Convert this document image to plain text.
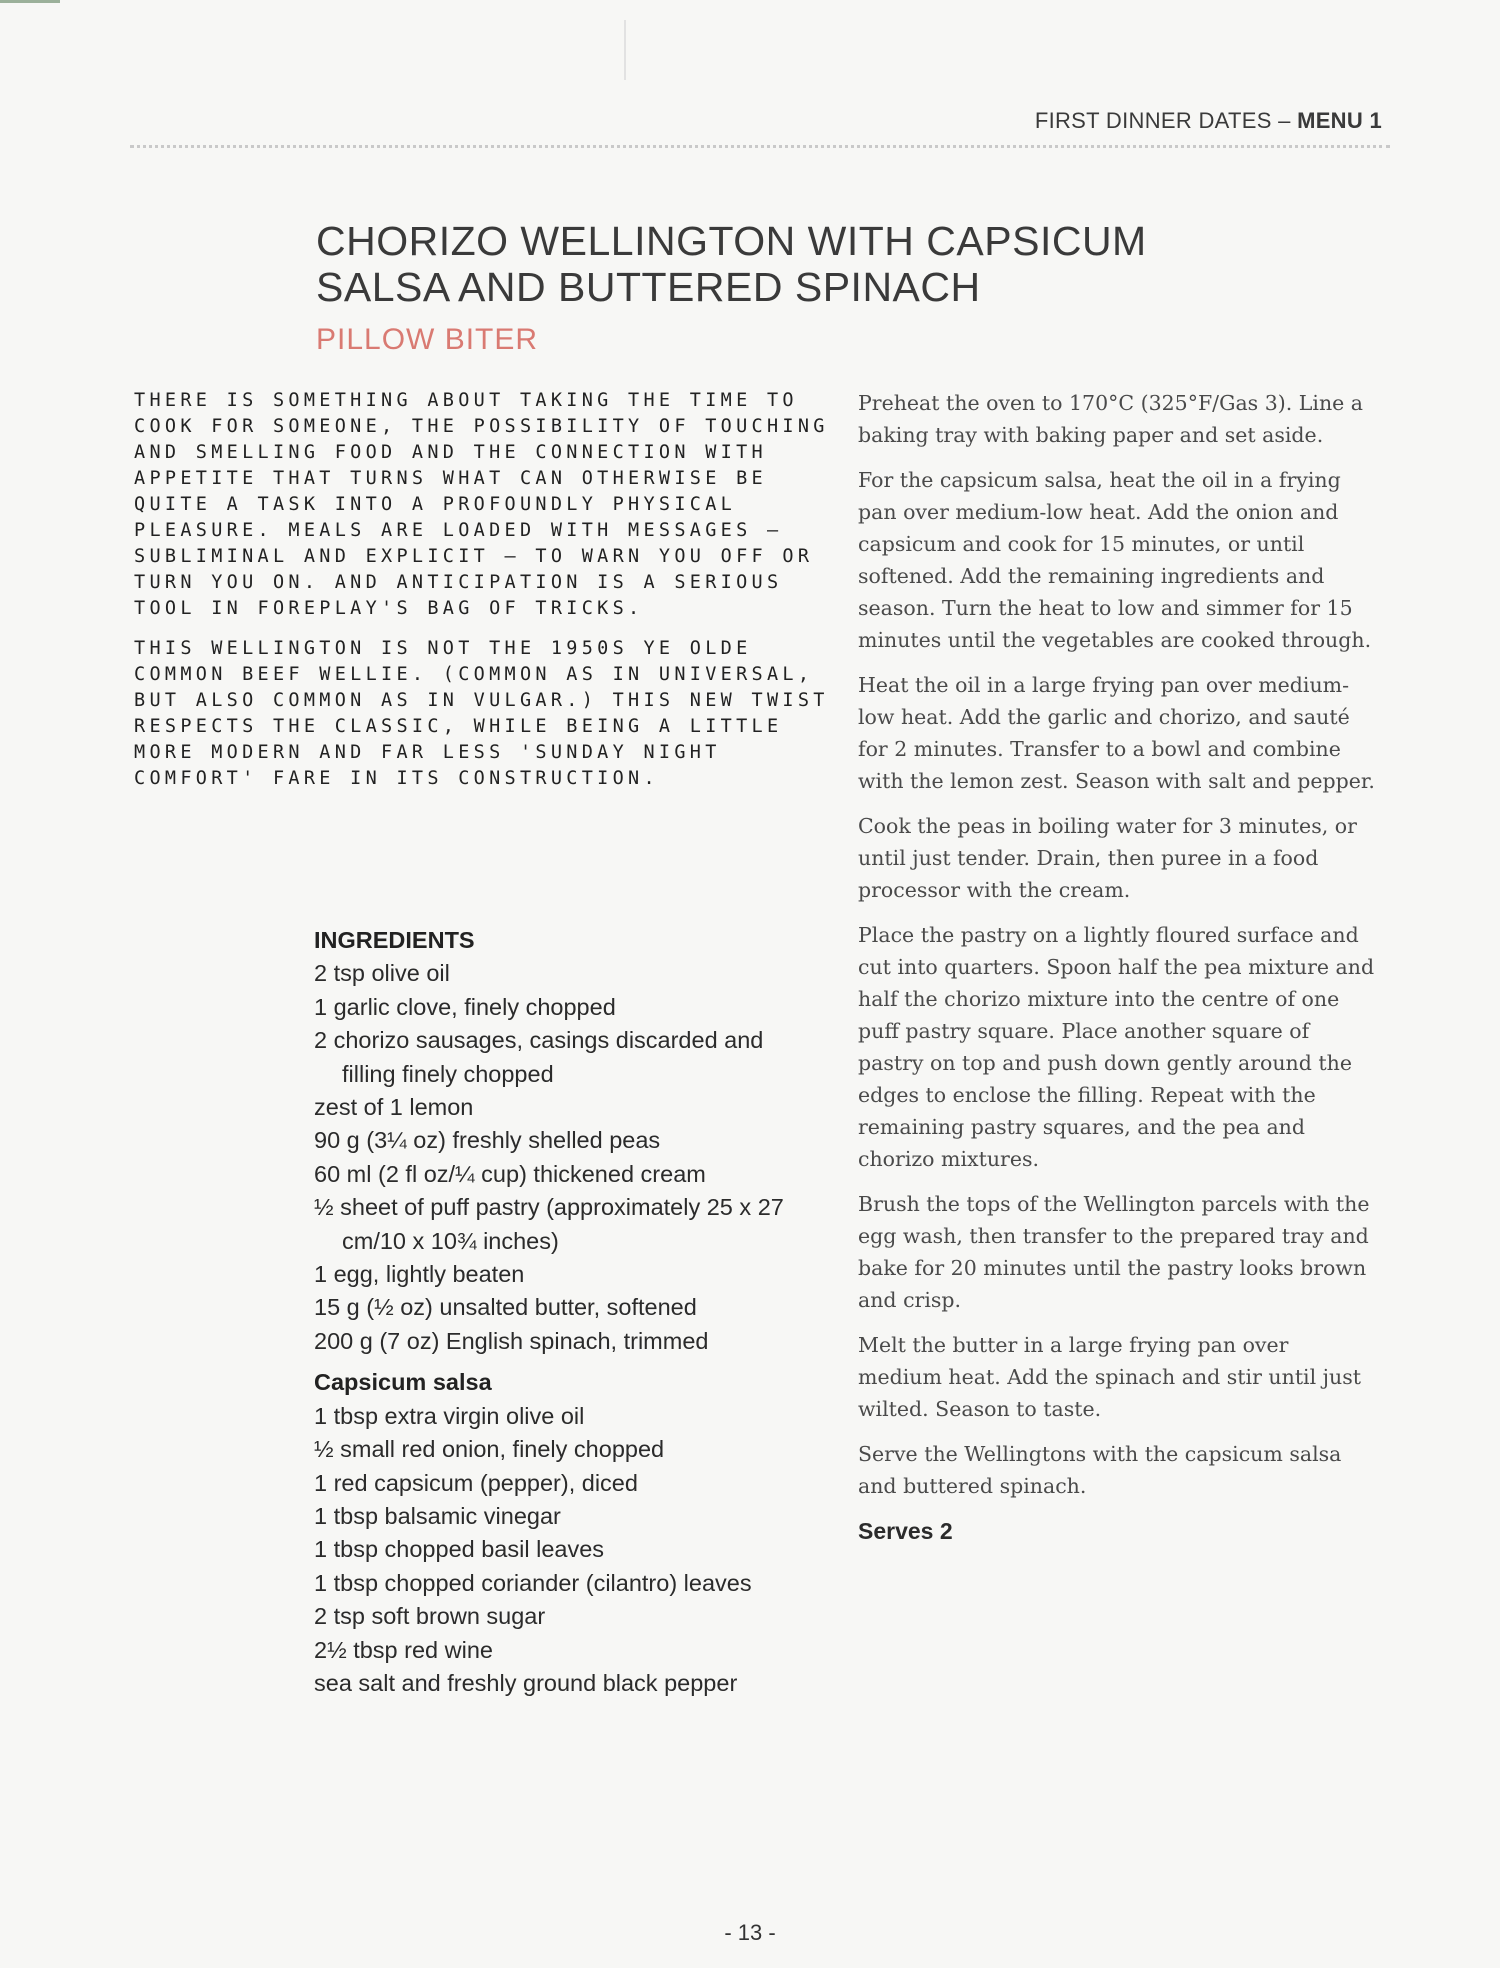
FIRST DINNER DATES – MENU 1
CHORIZO WELLINGTON WITH CAPSICUM
SALSA AND BUTTERED SPINACH
PILLOW BITER

THERE IS SOMETHING ABOUT TAKING THE TIME TO COOK FOR SOMEONE, THE POSSIBILITY OF TOUCHING AND SMELLING FOOD AND THE CONNECTION WITH APPETITE THAT TURNS WHAT CAN OTHERWISE BE QUITE A TASK INTO A PROFOUNDLY PHYSICAL PLEASURE. MEALS ARE LOADED WITH MESSAGES — SUBLIMINAL AND EXPLICIT — TO WARN YOU OFF OR TURN YOU ON. AND ANTICIPATION IS A SERIOUS TOOL IN FOREPLAY'S BAG OF TRICKS.

THIS WELLINGTON IS NOT THE 1950S YE OLDE COMMON BEEF WELLIE. (COMMON AS IN UNIVERSAL, BUT ALSO COMMON AS IN VULGAR.) THIS NEW TWIST RESPECTS THE CLASSIC, WHILE BEING A LITTLE MORE MODERN AND FAR LESS 'SUNDAY NIGHT COMFORT' FARE IN ITS CONSTRUCTION.

INGREDIENTS
2 tsp olive oil
1 garlic clove, finely chopped
2 chorizo sausages, casings discarded and filling finely chopped
zest of 1 lemon
90 g (3¼ oz) freshly shelled peas
60 ml (2 fl oz/¼ cup) thickened cream
½ sheet of puff pastry (approximately 25 x 27 cm/10 x 10¾ inches)
1 egg, lightly beaten
15 g (½ oz) unsalted butter, softened
200 g (7 oz) English spinach, trimmed
Capsicum salsa
1 tbsp extra virgin olive oil
½ small red onion, finely chopped
1 red capsicum (pepper), diced
1 tbsp balsamic vinegar
1 tbsp chopped basil leaves
1 tbsp chopped coriander (cilantro) leaves
2 tsp soft brown sugar
2½ tbsp red wine
sea salt and freshly ground black pepper

Preheat the oven to 170°C (325°F/Gas 3). Line a baking tray with baking paper and set aside.

For the capsicum salsa, heat the oil in a frying pan over medium-low heat. Add the onion and capsicum and cook for 15 minutes, or until softened. Add the remaining ingredients and season. Turn the heat to low and simmer for 15 minutes until the vegetables are cooked through.

Heat the oil in a large frying pan over medium-low heat. Add the garlic and chorizo, and sauté for 2 minutes. Transfer to a bowl and combine with the lemon zest. Season with salt and pepper.

Cook the peas in boiling water for 3 minutes, or until just tender. Drain, then puree in a food processor with the cream.

Place the pastry on a lightly floured surface and cut into quarters. Spoon half the pea mixture and half the chorizo mixture into the centre of one puff pastry square. Place another square of pastry on top and push down gently around the edges to enclose the filling. Repeat with the remaining pastry squares, and the pea and chorizo mixtures.

Brush the tops of the Wellington parcels with the egg wash, then transfer to the prepared tray and bake for 20 minutes until the pastry looks brown and crisp.

Melt the butter in a large frying pan over medium heat. Add the spinach and stir until just wilted. Season to taste.

Serve the Wellingtons with the capsicum salsa and buttered spinach.

Serves 2

- 13 -
